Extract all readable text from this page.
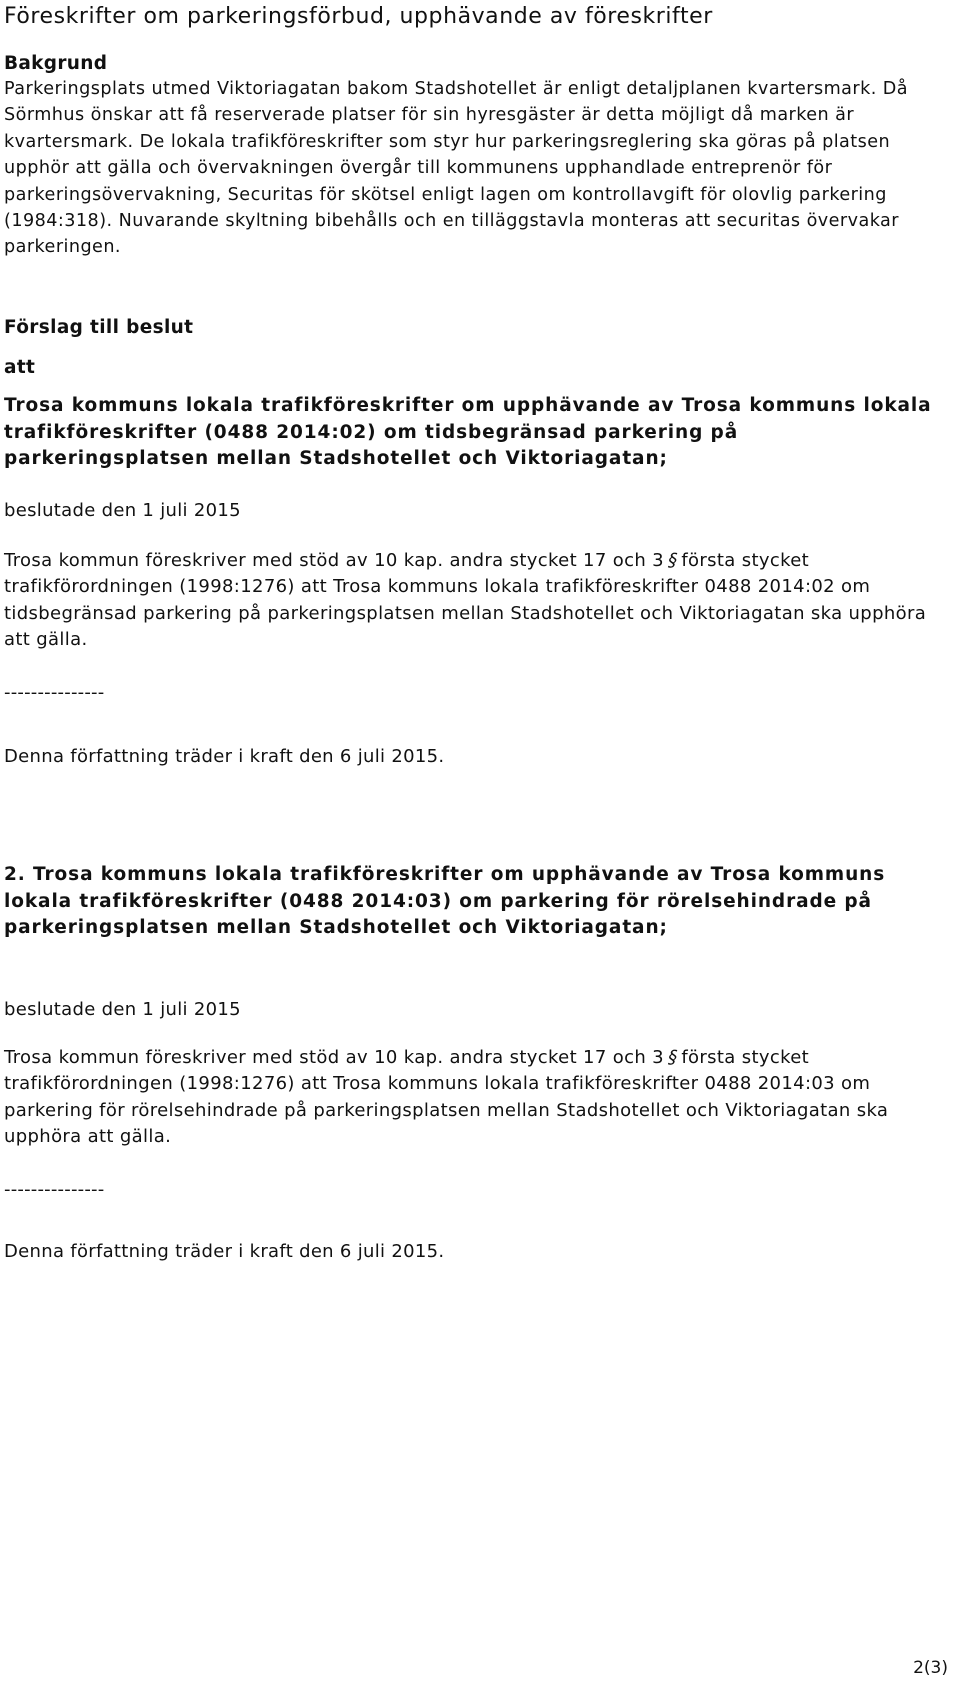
Föreskrifter om parkeringsförbud, upphävande av föreskrifter
Bakgrund

Parkeringsplats utmed Viktoriagatan bakom Stadshotellet är enligt detaljplanen kvartersmark. Då Sörmhus önskar att få reserverade platser för sin hyresgäster är detta möjligt då marken är kvartersmark. De lokala trafikföreskrifter som styr hur parkeringsreglering ska göras på platsen upphör att gälla och övervakningen övergår till kommunens upphandlade entreprenör för parkeringsövervakning, Securitas för skötsel enligt lagen om kontrollavgift för olovlig parkering (1984:318). Nuvarande skyltning bibehålls och en tilläggstavla monteras att securitas övervakar parkeringen.

Förslag till beslut
att
Trosa kommuns lokala trafikföreskrifter om upphävande av Trosa kommuns lokala trafikföreskrifter (0488 2014:02) om tidsbegränsad parkering på parkeringsplatsen mellan Stadshotellet och Viktoriagatan;
beslutade den 1 juli 2015

Trosa kommun föreskriver med stöd av 10 kap. andra stycket 17 och 3§första stycket trafikförordningen (1998:1276) att Trosa kommuns lokala trafikföreskrifter 0488 2014:02 om tidsbegränsad parkering på parkeringsplatsen mellan Stadshotellet och Viktoriagatan ska upphöra att gälla.

---------------
Denna författning träder i kraft den 6 juli 2015.
2. Trosa kommuns lokala trafikföreskrifter om upphävande av Trosa kommuns lokala trafikföreskrifter (0488 2014:03) om parkering för rörelsehindrade på parkeringsplatsen mellan Stadshotellet och Viktoriagatan;
beslutade den 1 juli 2015

Trosa kommun föreskriver med stöd av 10 kap. andra stycket 17 och 3§första stycket trafikförordningen (1998:1276) att Trosa kommuns lokala trafikföreskrifter 0488 2014:03 om parkering för rörelsehindrade på parkeringsplatsen mellan Stadshotellet och Viktoriagatan ska upphöra att gälla.

---------------
Denna författning träder i kraft den 6 juli 2015.
2(3)
